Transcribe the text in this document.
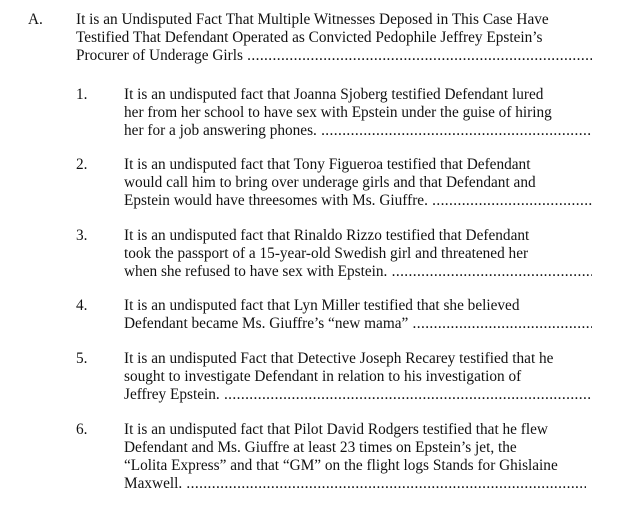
A. It is an Undisputed Fact That Multiple Witnesses Deposed in This Case Have
Testified That Defendant Operated as Convicted Pedophile Jeffrey Epstein’s
Procurer of Underage Girls .....
1. It is an undisputed fact that Joanna Sjoberg testified Defendant lured
her from her school to have sex with Epstein under the guise of hiring
her for a job answering phones. .....
2. It is an undisputed fact that Tony Figueroa testified that Defendant
would call him to bring over underage girls and that Defendant and
Epstein would have threesomes with Ms. Giuffre. .....
3. It is an undisputed fact that Rinaldo Rizzo testified that Defendant
took the passport of a 15-year-old Swedish girl and threatened her
when she refused to have sex with Epstein. .....
4. It is an undisputed fact that Lyn Miller testified that she believed
Defendant became Ms. Giuffre’s “new mama” .....
5. It is an undisputed Fact that Detective Joseph Recarey testified that he
sought to investigate Defendant in relation to his investigation of
Jeffrey Epstein. .....
6. It is an undisputed fact that Pilot David Rodgers testified that he flew
Defendant and Ms. Giuffre at least 23 times on Epstein’s jet, the
“Lolita Express” and that “GM” on the flight logs Stands for Ghislaine
Maxwell. .....
